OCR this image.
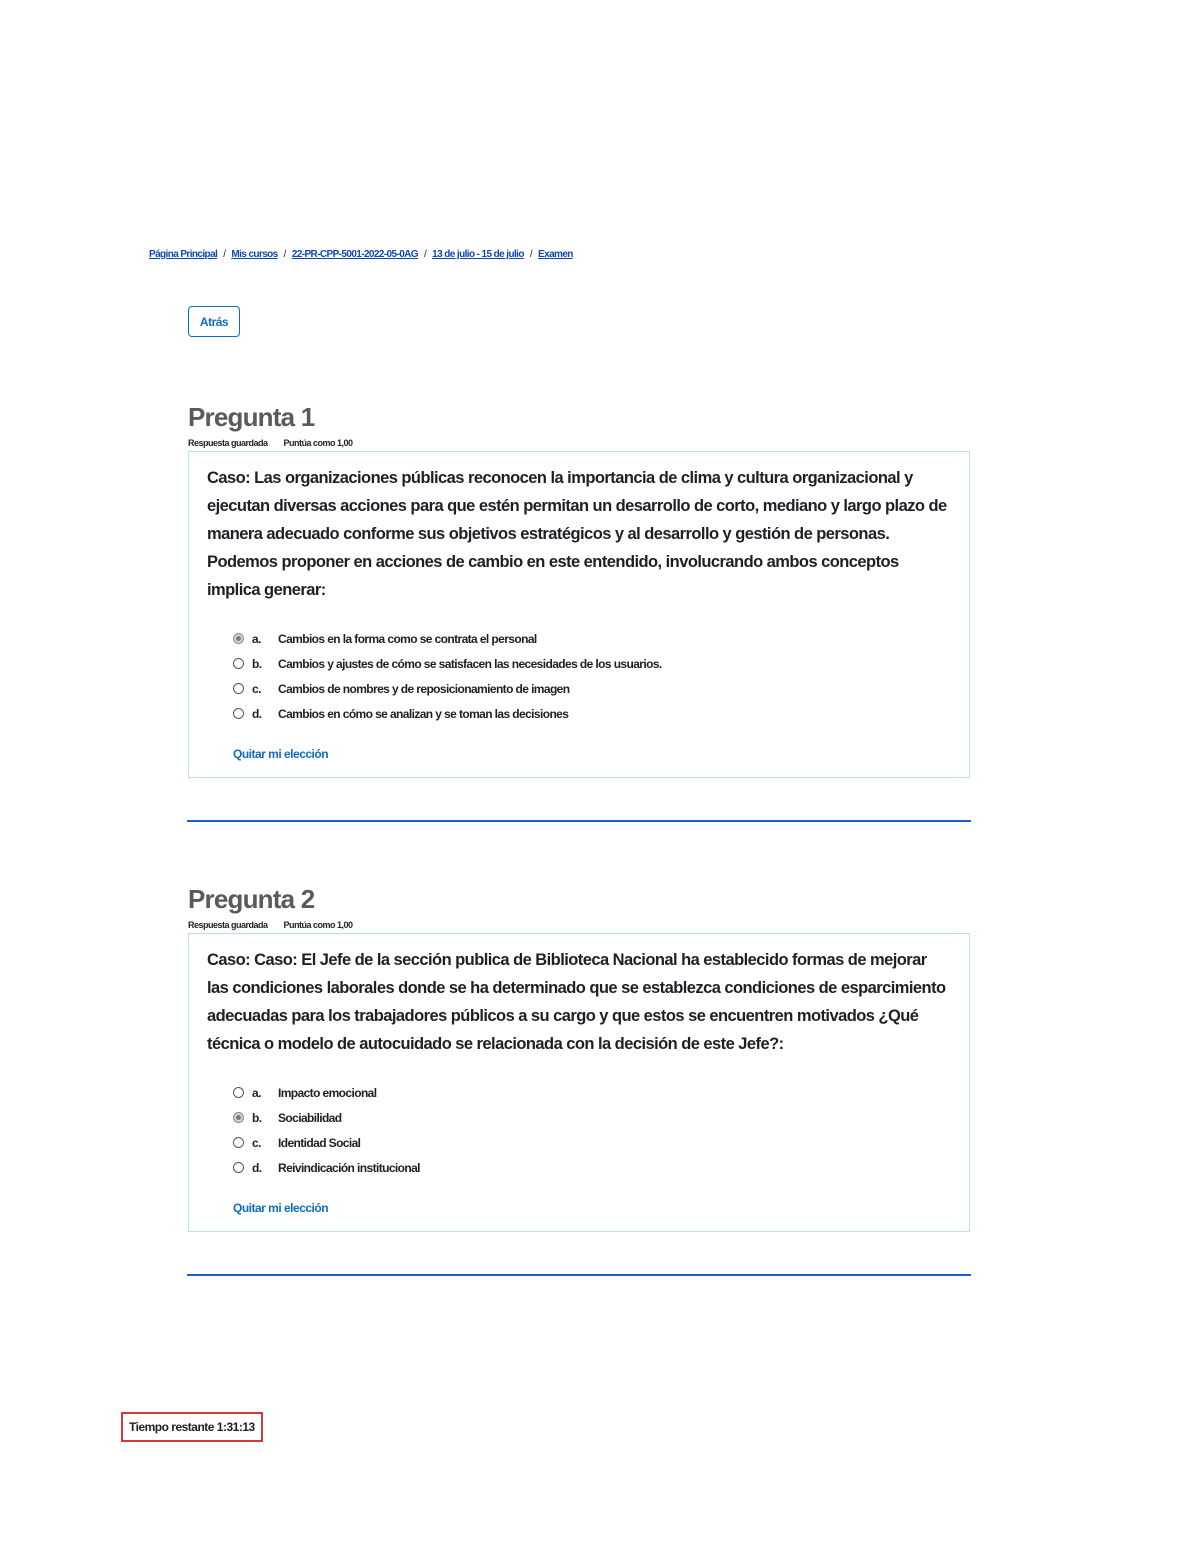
Página Principal / Mis cursos / 22-PR-CPP-5001-2022-05-0AG / 13 de julio - 15 de julio / Examen
Atrás
Pregunta 1
Respuesta guardada Puntúa como 1,00

Caso: Las organizaciones públicas reconocen la importancia de clima y cultura organizacional y ejecutan diversas acciones para que estén permitan un desarrollo de corto, mediano y largo plazo de manera adecuado conforme sus objetivos estratégicos y al desarrollo y gestión de personas. Podemos proponer en acciones de cambio en este entendido, involucrando ambos conceptos implica generar:

a.	Cambios en la forma como se contrata el personal
b.	Cambios y ajustes de cómo se satisfacen las necesidades de los usuarios.
c.	Cambios de nombres y de reposicionamiento de imagen
d.	Cambios en cómo se analizan y se toman las decisiones
Quitar mi elección
Pregunta 2
Respuesta guardada Puntúa como 1,00

Caso: Caso: El Jefe de la sección publica de Biblioteca Nacional ha establecido formas de mejorar las condiciones laborales donde se ha determinado que se establezca condiciones de esparcimiento adecuadas para los trabajadores públicos a su cargo y que estos se encuentren motivados ¿Qué técnica o modelo de autocuidado se relacionada con la decisión de este Jefe?:

a.	Impacto emocional
b.	Sociabilidad
c.	Identidad Social
d.	Reivindicación institucional
Quitar mi elección
Tiempo restante 1:31:13
